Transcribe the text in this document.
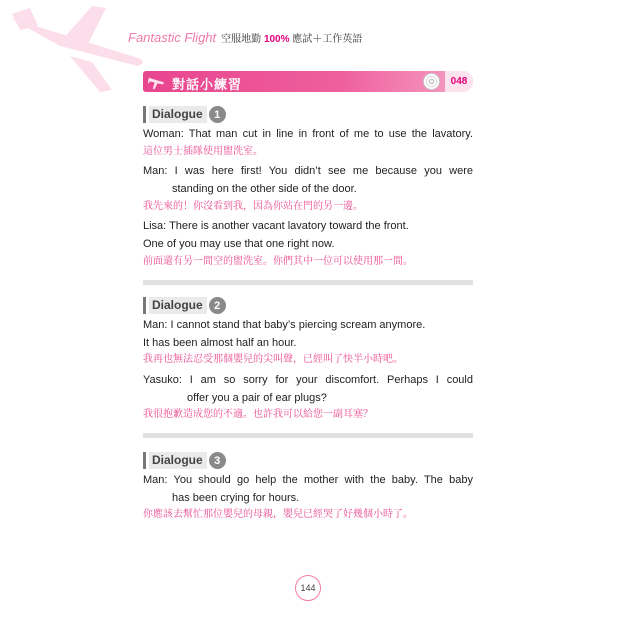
Fantastic Flight 空服地勤 100% 應試＋工作英語
對話小練習	048
Dialogue	1
Woman: That man cut in line in front of me to use the lavatory.
這位男士插隊使用盥洗室。
Man: I was here first! You didn’t see me because you were
standing on the other side of the door.
我先來的！你沒看到我，因為你站在門的另一邊。
Lisa: There is another vacant lavatory toward the front.
One of you may use that one right now.
前面還有另一間空的盥洗室。你們其中一位可以使用那一間。
Dialogue	2
Man: I cannot stand that baby’s piercing scream anymore.
It has been almost half an hour.
我再也無法忍受那個嬰兒的尖叫聲，已經叫了快半小時吧。
Yasuko: I am so sorry for your discomfort. Perhaps I could
offer you a pair of ear plugs?
我很抱歉造成您的不適。也許我可以給您一副耳塞？
Dialogue	3
Man: You should go help the mother with the baby. The baby
has been crying for hours.
你應該去幫忙那位嬰兒的母親，嬰兒已經哭了好幾個小時了。
144
